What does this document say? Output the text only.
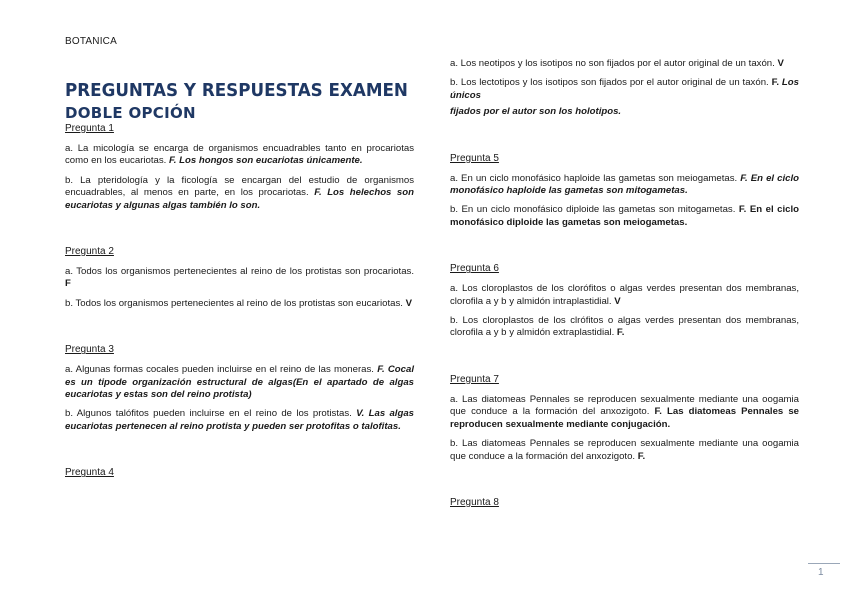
BOTANICA
PREGUNTAS Y RESPUESTAS EXAMEN
DOBLE OPCIÓN
Pregunta 1

a. La micología se encarga de organismos encuadrables tanto en procariotas como en los eucariotas. F. Los hongos son eucariotas únicamente.

b. La pteridología y la ficología se encargan del estudio de organismos encuadrables, al menos en parte, en los procariotas. F. Los helechos son eucariotas y algunas algas también lo son.

Pregunta 2

a. Todos los organismos pertenecientes al reino de los protistas son procariotas. F

b. Todos los organismos pertenecientes al reino de los protistas son eucariotas. V

Pregunta 3

a. Algunas formas cocales pueden incluirse en el reino de las moneras. F. Cocal es un tipode organización estructural de algas(En el apartado de algas eucariotas y estas son del reino protista)

b. Algunos talófitos pueden incluirse en el reino de los protistas. V. Las algas eucariotas pertenecen al reino protista y pueden ser protofitas o talofitas.

Pregunta 4

a. Los neotipos y los isotipos no son fijados por el autor original de un taxón. V

b. Los lectotipos y los isotipos son fijados por el autor original de un taxón. F. Los únicos

fijados por el autor son los holotipos.

Pregunta 5

a. En un ciclo monofásico haploide las gametas son meiogametas. F. En el ciclo monofásico haploide las gametas son mitogametas.

b. En un ciclo monofásico diploide las gametas son mitogametas. F. En el ciclo monofásico diploide las gametas son meiogametas.

Pregunta 6

a. Los cloroplastos de los clorófitos o algas verdes presentan dos membranas, clorofila a y b y almidón intraplastidial. V

b. Los cloroplastos de los clrófitos o algas verdes presentan dos membranas, clorofila a y b y almidón extraplastidial. F.

Pregunta 7

a. Las diatomeas Pennales se reproducen sexualmente mediante una oogamia que conduce a la formación del anxozigoto. F. Las diatomeas Pennales se reproducen sexualmente mediante conjugación.

b. Las diatomeas Pennales se reproducen sexualmente mediante una oogamia que conduce a la formación del anxozigoto. F.

Pregunta 8
1
